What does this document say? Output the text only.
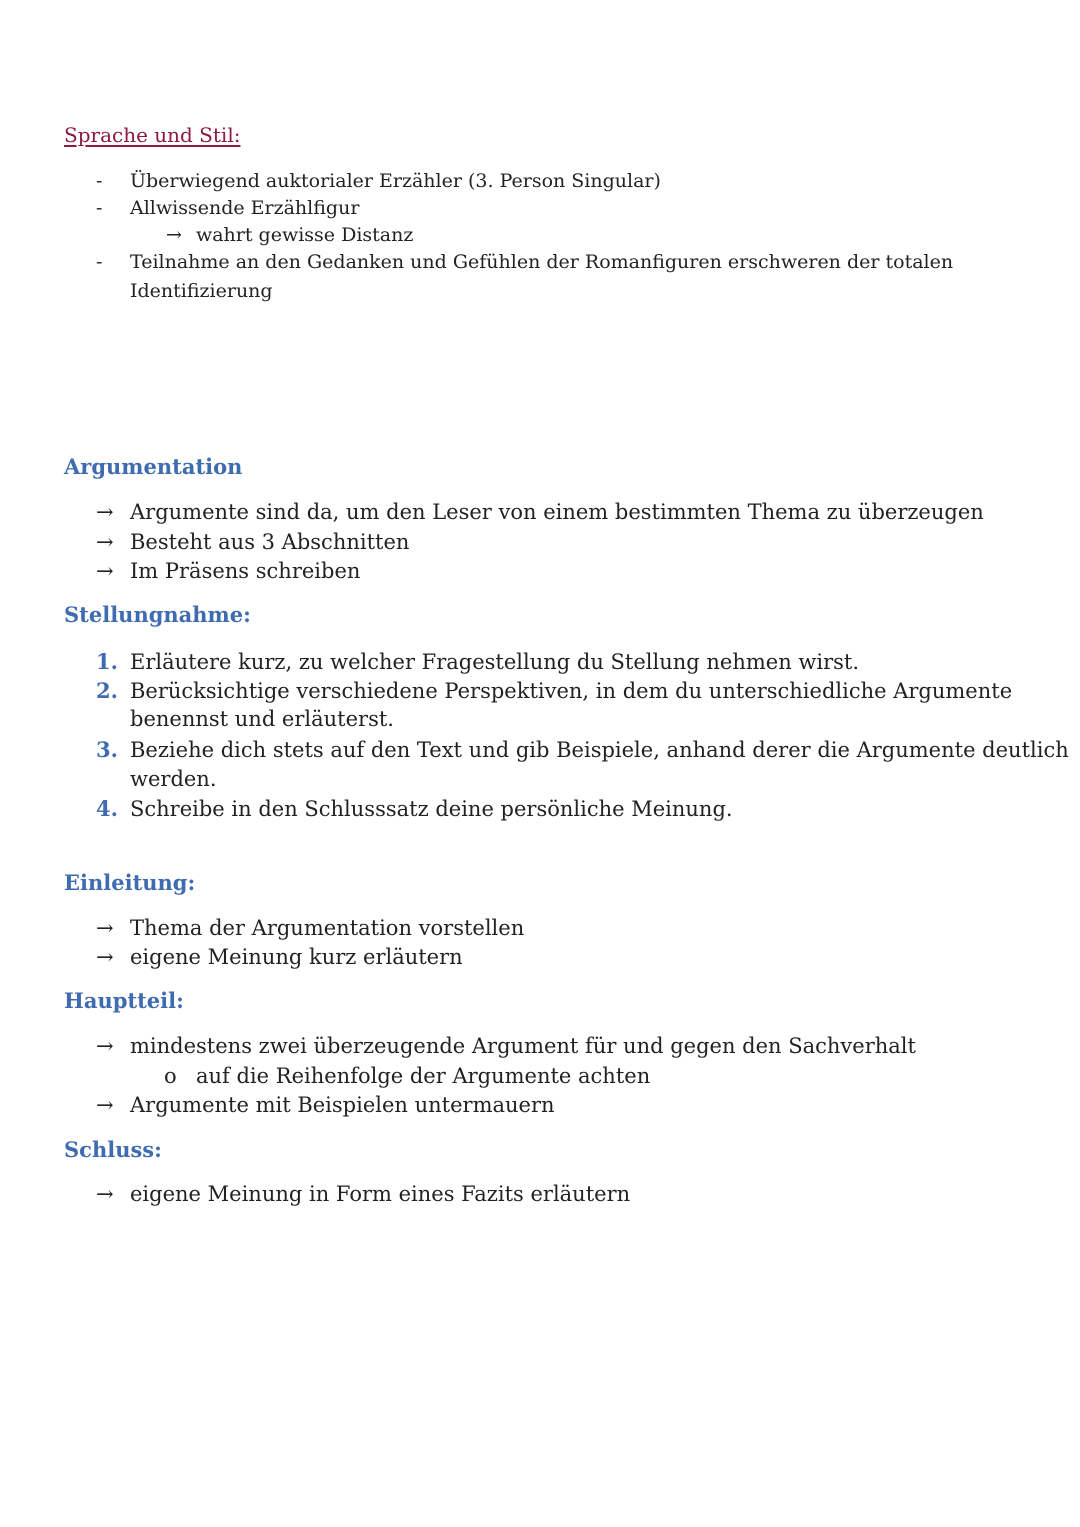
Sprache und Stil:
- Überwiegend auktorialer Erzähler (3. Person Singular)
- Allwissende Erzählfigur
→ wahrt gewisse Distanz
- Teilnahme an den Gedanken und Gefühlen der Romanfiguren erschweren der totalen
Identifizierung
Argumentation
→ Argumente sind da, um den Leser von einem bestimmten Thema zu überzeugen
→ Besteht aus 3 Abschnitten
→ Im Präsens schreiben
Stellungnahme:
1. Erläutere kurz, zu welcher Fragestellung du Stellung nehmen wirst.
2. Berücksichtige verschiedene Perspektiven, in dem du unterschiedliche Argumente
benennst und erläuterst.
3. Beziehe dich stets auf den Text und gib Beispiele, anhand derer die Argumente deutlich
werden.
4. Schreibe in den Schlusssatz deine persönliche Meinung.
Einleitung:
→ Thema der Argumentation vorstellen
→ eigene Meinung kurz erläutern
Hauptteil:
→ mindestens zwei überzeugende Argument für und gegen den Sachverhalt
o auf die Reihenfolge der Argumente achten
→ Argumente mit Beispielen untermauern
Schluss:
→ eigene Meinung in Form eines Fazits erläutern
